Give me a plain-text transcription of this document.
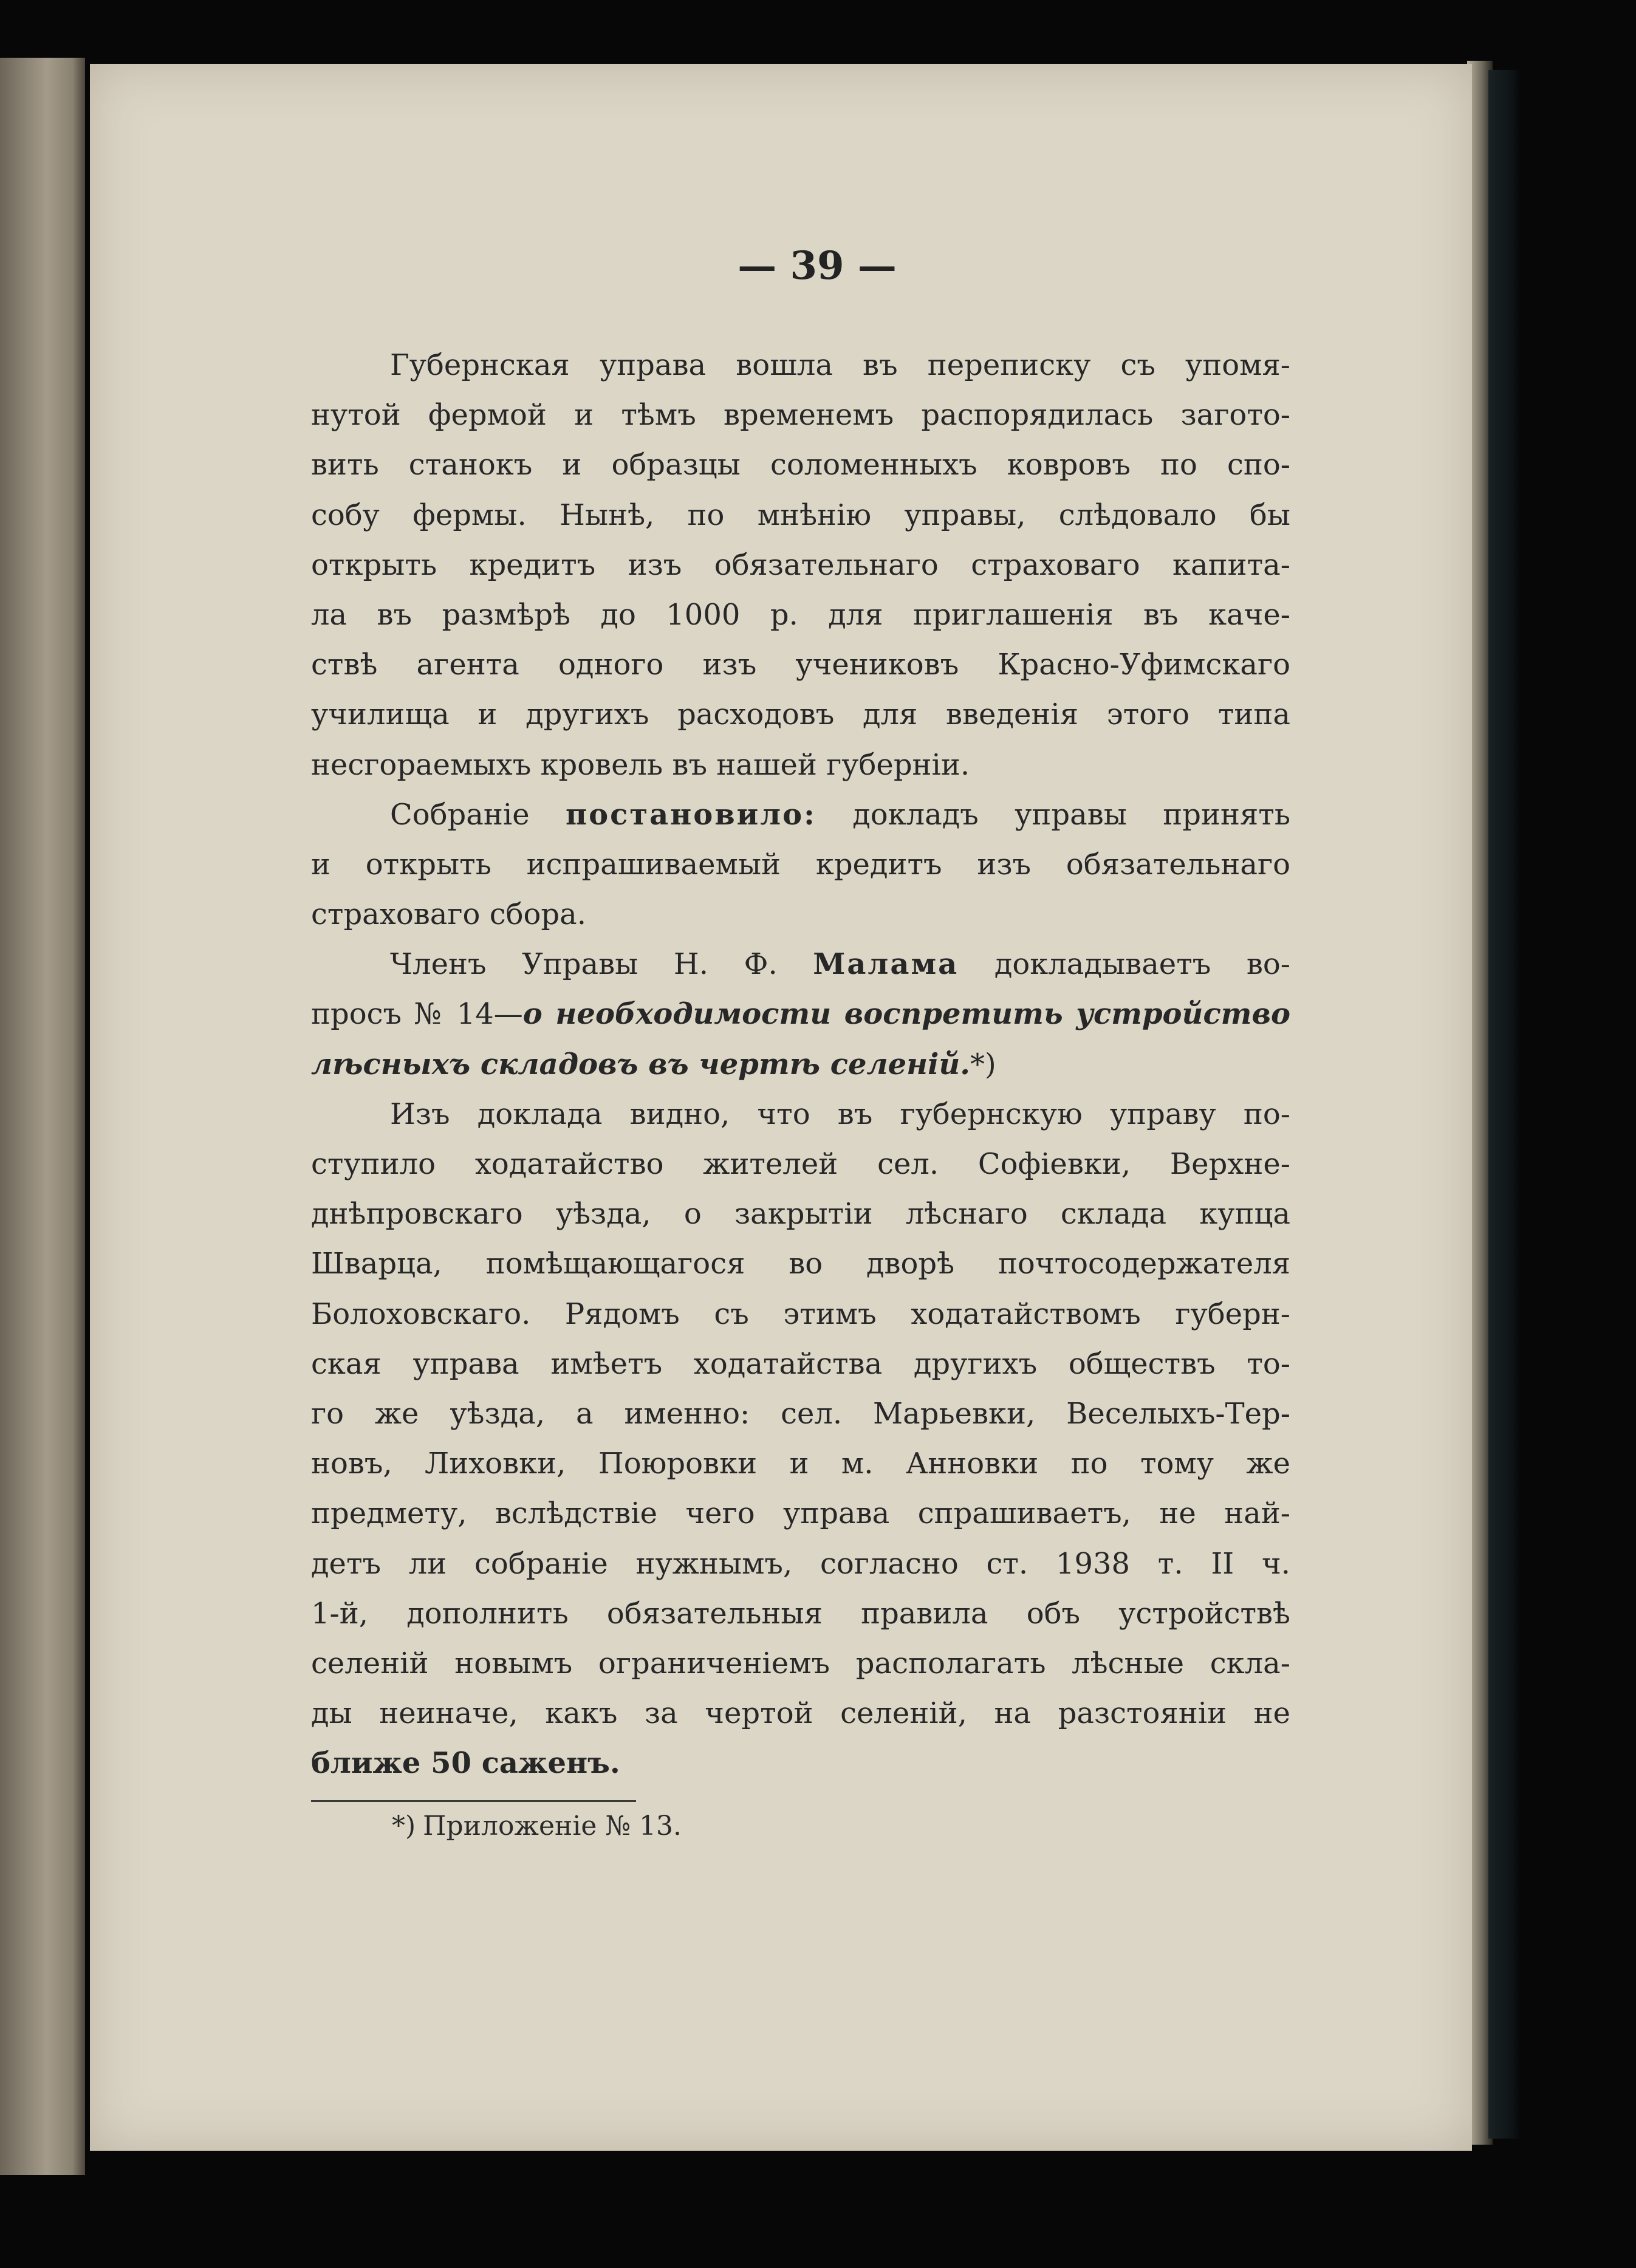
— 39 —
Губернская управа вошла въ переписку съ упомя-
нутой фермой и тѣмъ временемъ распорядилась загото-
вить станокъ и образцы соломенныхъ ковровъ по спо-
собу фермы. Нынѣ, по мнѣнію управы, слѣдовало бы
открыть кредитъ изъ обязательнаго страховаго капита-
ла въ размѣрѣ до 1000 р. для приглашенія въ каче-
ствѣ агента одного изъ учениковъ Красно-Уфимскаго
училища и другихъ расходовъ для введенія этого типа
несгораемыхъ кровель въ нашей губерніи.
Собраніе постановило: докладъ управы принять
и открыть испрашиваемый кредитъ изъ обязательнаго
страховаго сбора.
Членъ Управы Н. Ф. Малама докладываетъ во-
просъ № 14—о необходимости воспретить устройство
лѣсныхъ складовъ въ чертѣ селеній.*)
Изъ доклада видно, что въ губернскую управу по-
ступило ходатайство жителей сел. Софіевки, Верхне-
днѣпровскаго уѣзда, о закрытіи лѣснаго склада купца
Шварца, помѣщающагося во дворѣ почтосодержателя
Болоховскаго. Рядомъ съ этимъ ходатайствомъ губерн-
ская управа имѣетъ ходатайства другихъ обществъ то-
го же уѣзда, а именно: сел. Марьевки, Веселыхъ-Тер-
новъ, Лиховки, Поюровки и м. Анновки по тому же
предмету, вслѣдствіе чего управа спрашиваетъ, не най-
детъ ли собраніе нужнымъ, согласно ст. 1938 т. II ч.
1-й, дополнить обязательныя правила объ устройствѣ
селеній новымъ ограниченіемъ располагать лѣсные скла-
ды неиначе, какъ за чертой селеній, на разстояніи не
ближе 50 саженъ.
*) Приложеніе № 13.
